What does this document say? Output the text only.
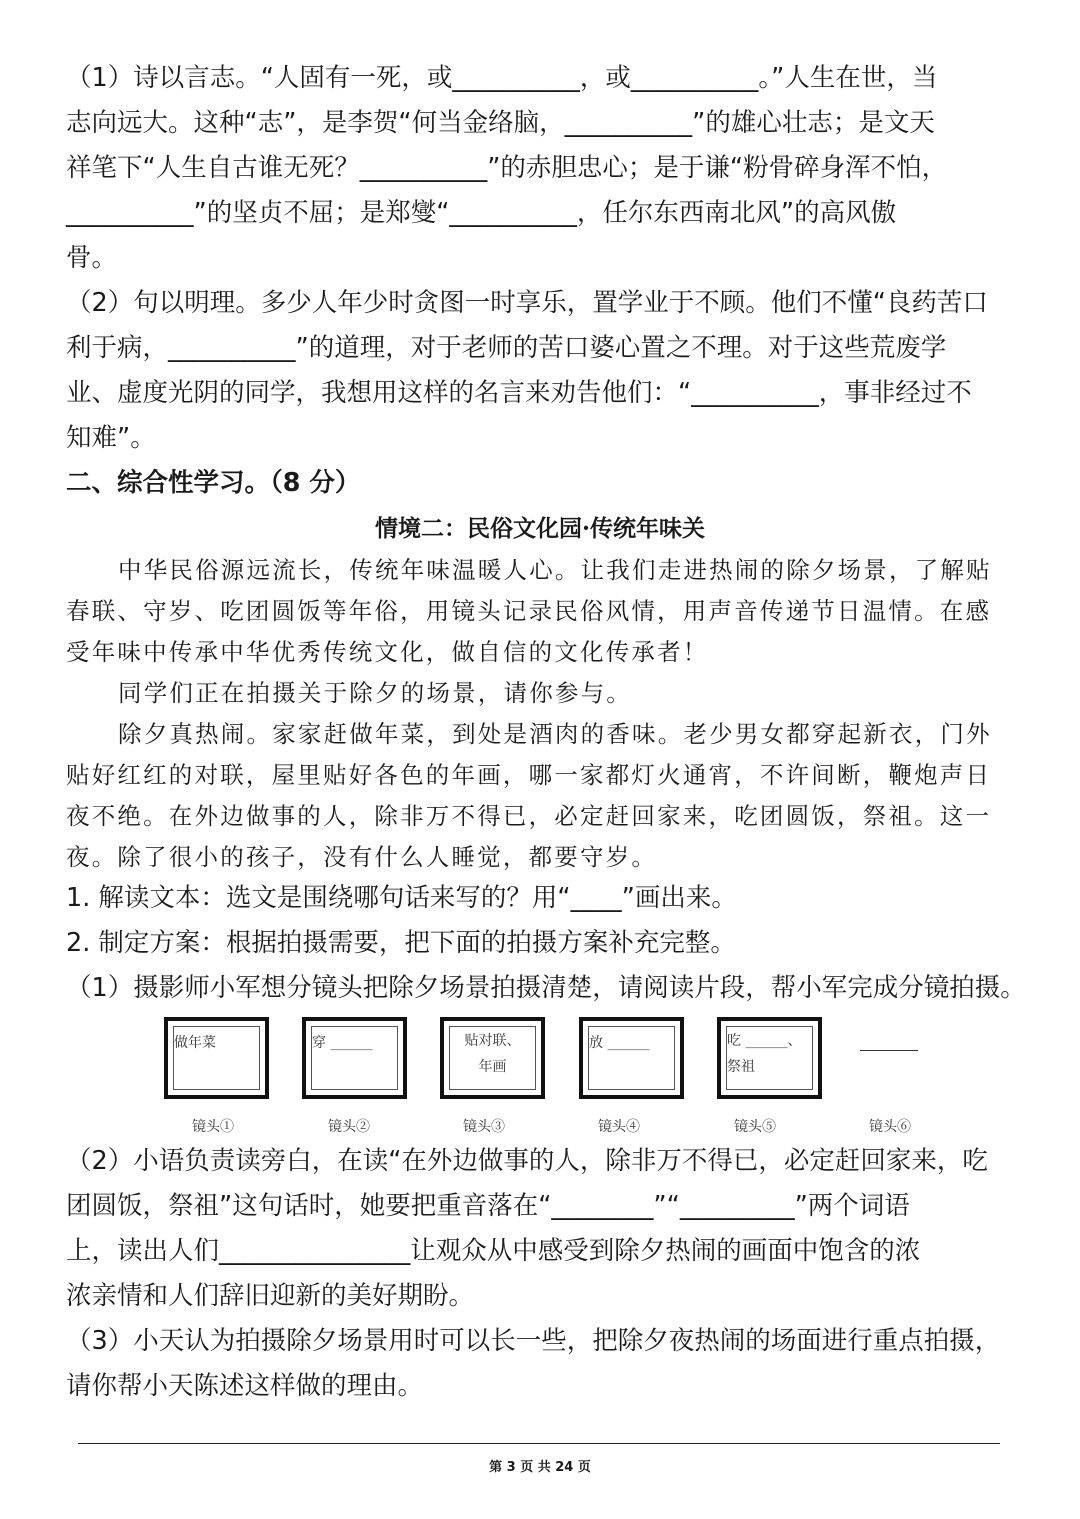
（1）诗以言志。“人固有一死，或__________，或__________。”人生在世，当
志向远大。这种“志”，是李贺“何当金络脑，__________”的雄心壮志；是文天
祥笔下“人生自古谁无死？__________”的赤胆忠心；是于谦“粉骨碎身浑不怕，
__________”的坚贞不屈；是郑燮“__________，任尔东西南北风”的高风傲
骨。
（2）句以明理。多少人年少时贪图一时享乐，置学业于不顾。他们不懂“良药苦口
利于病，__________”的道理，对于老师的苦口婆心置之不理。对于这些荒废学
业、虚度光阴的同学，我想用这样的名言来劝告他们：“__________，事非经过不
知难”。
二、综合性学习。（8 分）
情境二：民俗文化园·传统年味关
中华民俗源远流长，传统年味温暖人心。让我们走进热闹的除夕场景，了解贴
春联、守岁、吃团圆饭等年俗，用镜头记录民俗风情，用声音传递节日温情。在感
受年味中传承中华优秀传统文化，做自信的文化传承者！
同学们正在拍摄关于除夕的场景，请你参与。
除夕真热闹。家家赶做年菜，到处是酒肉的香味。老少男女都穿起新衣，门外
贴好红红的对联，屋里贴好各色的年画，哪一家都灯火通宵，不许间断，鞭炮声日
夜不绝。在外边做事的人，除非万不得已，必定赶回家来，吃团圆饭，祭祖。这一
夜。除了很小的孩子，没有什么人睡觉，都要守岁。
1. 解读文本：选文是围绕哪句话来写的？用“____”画出来。
2. 制定方案：根据拍摄需要，把下面的拍摄方案补充完整。
（1）摄影师小军想分镜头把除夕场景拍摄清楚，请阅读片段，帮小军完成分镜拍摄。
做年菜	穿 ______	贴对联、
年画
放 ______	吃 ______、
祭祖
镜头①	镜头②	镜头③	镜头④	镜头⑤	镜头⑥
（2）小语负责读旁白，在读“在外边做事的人，除非万不得已，必定赶回家来，吃
团圆饭，祭祖”这句话时，她要把重音落在“________”“_________”两个词语
上，读出人们_______________让观众从中感受到除夕热闹的画面中饱含的浓
浓亲情和人们辞旧迎新的美好期盼。
（3）小天认为拍摄除夕场景用时可以长一些，把除夕夜热闹的场面进行重点拍摄，
请你帮小天陈述这样做的理由。
第 3 页 共 24 页
